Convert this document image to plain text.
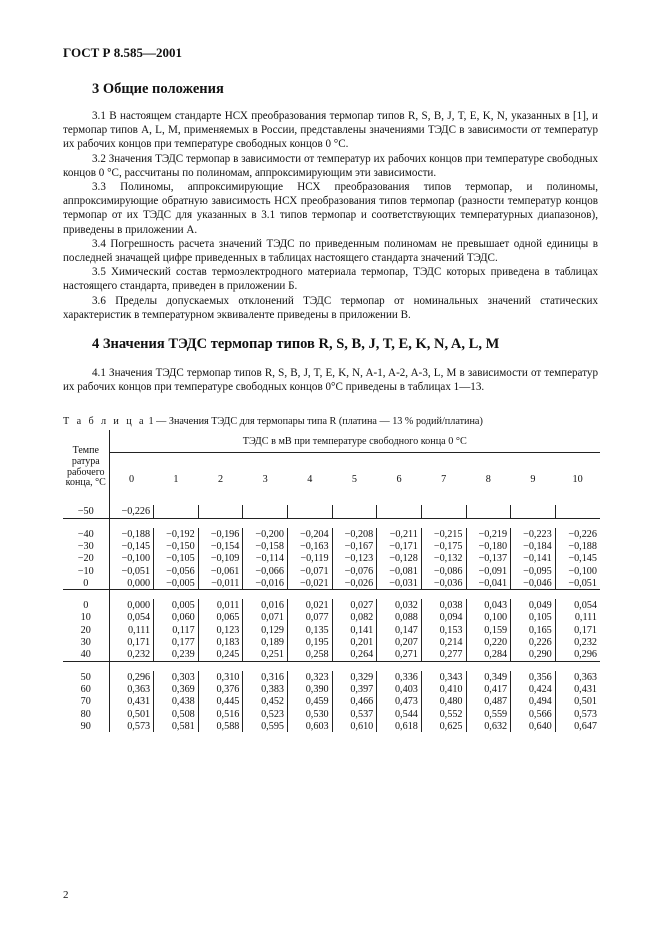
ГОСТ Р 8.585—2001
3 Общие положения

3.1 В настоящем стандарте НСХ преобразования термопар типов R, S, B, J, T, E, K, N, указанных в [1], и термопар типов A, L, M, применяемых в России, представлены значениями ТЭДС в зависимости от температур их рабочих концов при температуре свободных концов 0 °С.

3.2 Значения ТЭДС термопар в зависимости от температур их рабочих концов при температуре свободных концов 0 °С, рассчитаны по полиномам, аппроксимирующим эти зависимости.

3.3 Полиномы, аппроксимирующие НСХ преобразования типов термопар, и полиномы, аппроксимирующие обратную зависимость НСХ преобразования типов термопар (разности температур концов термопар от их ТЭДС для указанных в 3.1 типов термопар и соответствующих температурных диапазонов), приведены в приложении А.

3.4 Погрешность расчета значений ТЭДС по приведенным полиномам не превышает одной единицы в последней значащей цифре приведенных в таблицах настоящего стандарта значений ТЭДС.

3.5 Химический состав термоэлектродного материала термопар, ТЭДС которых приведена в таблицах настоящего стандарта, приведен в приложении Б.

3.6 Пределы допускаемых отклонений ТЭДС термопар от номинальных значений статических характеристик в температурном эквиваленте приведены в приложении В.

4 Значения ТЭДС термопар типов R, S, B, J, T, E, K, N, A, L, M

4.1 Значения ТЭДС термопар типов R, S, B, J, T, E, K, N, A-1, A-2, A-3, L, M в зависимости от температур их рабочих концов при температуре свободных концов 0°С приведены в таблицах 1—13.

Т а б л и ц а 1 — Значения ТЭДС для термопары типа R (платина — 13 % родий/платина)
Темпе ратура рабочего конца, °С	ТЭДС в мВ при температуре свободного конца 0 °С										
	0	1	2	3	4	5	6	7	8	9	10
−50	−0,226										

−40	−0,188	−0,192	−0,196	−0,200	−0,204	−0,208	−0,211	−0,215	−0,219	−0,223	−0,226
−30	−0,145	−0,150	−0,154	−0,158	−0,163	−0,167	−0,171	−0,175	−0,180	−0,184	−0,188
−20	−0,100	−0,105	−0,109	−0,114	−0,119	−0,123	−0,128	−0,132	−0,137	−0,141	−0,145
−10	−0,051	−0,056	−0,061	−0,066	−0,071	−0,076	−0,081	−0,086	−0,091	−0,095	−0,100
0	0,000	−0,005	−0,011	−0,016	−0,021	−0,026	−0,031	−0,036	−0,041	−0,046	−0,051

0	0,000	0,005	0,011	0,016	0,021	0,027	0,032	0,038	0,043	0,049	0,054
10	0,054	0,060	0,065	0,071	0,077	0,082	0,088	0,094	0,100	0,105	0,111
20	0,111	0,117	0,123	0,129	0,135	0,141	0,147	0,153	0,159	0,165	0,171
30	0,171	0,177	0,183	0,189	0,195	0,201	0,207	0,214	0,220	0,226	0,232
40	0,232	0,239	0,245	0,251	0,258	0,264	0,271	0,277	0,284	0,290	0,296

50	0,296	0,303	0,310	0,316	0,323	0,329	0,336	0,343	0,349	0,356	0,363
60	0,363	0,369	0,376	0,383	0,390	0,397	0,403	0,410	0,417	0,424	0,431
70	0,431	0,438	0,445	0,452	0,459	0,466	0,473	0,480	0,487	0,494	0,501
80	0,501	0,508	0,516	0,523	0,530	0,537	0,544	0,552	0,559	0,566	0,573
90	0,573	0,581	0,588	0,595	0,603	0,610	0,618	0,625	0,632	0,640	0,647
2
